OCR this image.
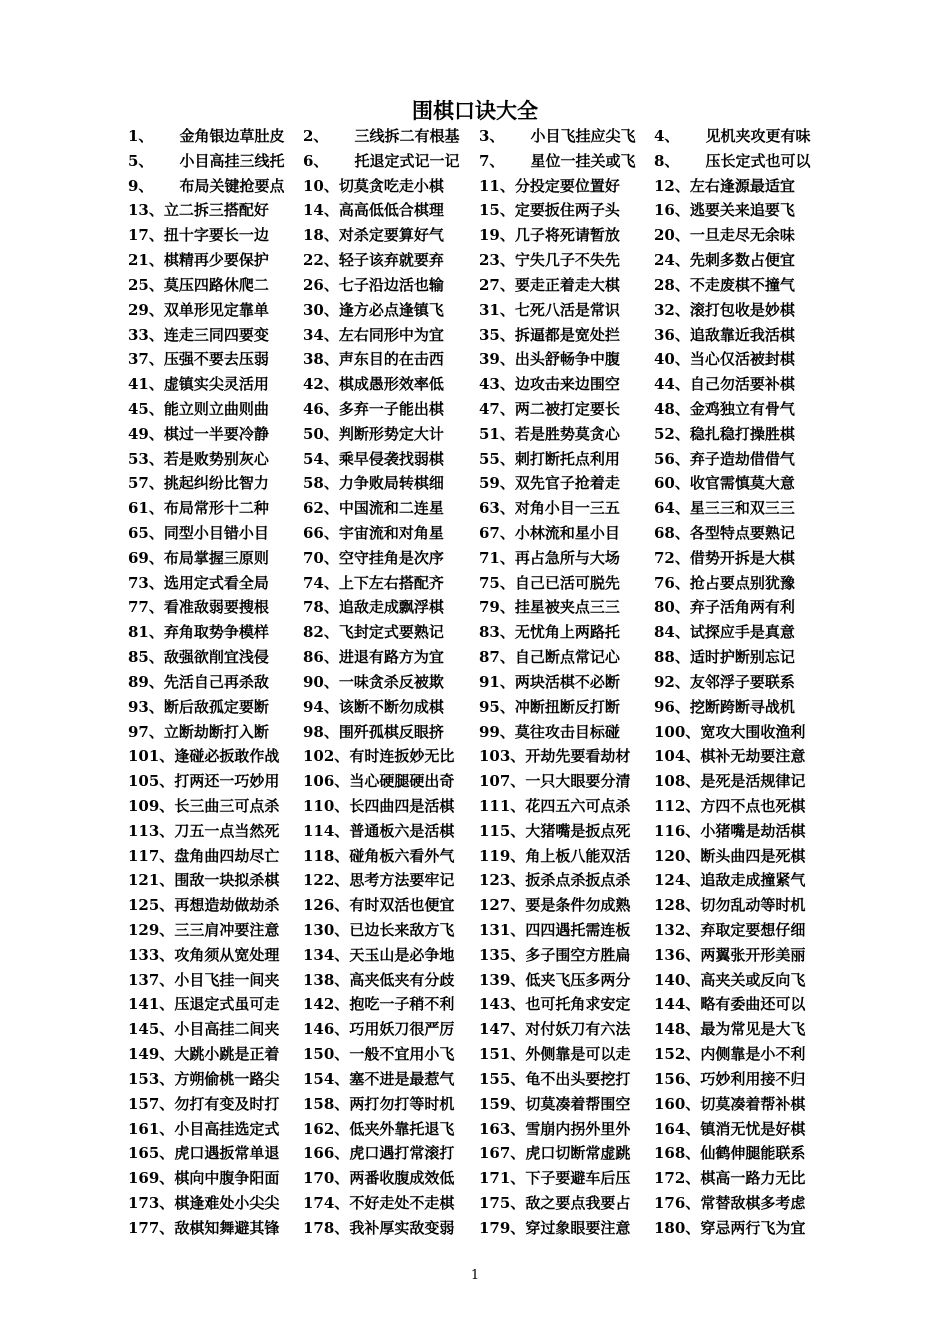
围棋口诀大全
1、 金角银边草肚皮	2、 三线拆二有根基	3、 小目飞挂应尖飞	4、 见机夹攻更有味
5、 小目高挂三线托	6、 托退定式记一记	7、 星位一挂关或飞	8、 压长定式也可以
9、 布局关键抢要点	10、切莫贪吃走小棋	11、分投定要位置好	12、左右逢源最适宜
13、立二拆三搭配好	14、高高低低合棋理	15、定要扳住两子头	16、逃要关来追要飞
17、扭十字要长一边	18、对杀定要算好气	19、几子将死请暂放	20、一旦走尽无余味
21、棋精再少要保护	22、轻子该弃就要弃	23、宁失几子不失先	24、先刺多数占便宜
25、莫压四路休爬二	26、七子沿边活也输	27、要走正着走大棋	28、不走废棋不撞气
29、双单形见定靠单	30、逢方必点逢镇飞	31、七死八活是常识	32、滚打包收是妙棋
33、连走三同四要变	34、左右同形中为宜	35、拆逼都是宽处拦	36、追敌靠近我活棋
37、压强不要去压弱	38、声东目的在击西	39、出头舒畅争中腹	40、当心仅活被封棋
41、虚镇实尖灵活用	42、棋成愚形效率低	43、边攻击来边围空	44、自己勿活要补棋
45、能立则立曲则曲	46、多弃一子能出棋	47、两二被打定要长	48、金鸡独立有骨气
49、棋过一半要冷静	50、判断形势定大计	51、若是胜势莫贪心	52、稳扎稳打操胜棋
53、若是败势别灰心	54、乘早侵袭找弱棋	55、刺打断托点利用	56、弃子造劫借借气
57、挑起纠纷比智力	58、力争败局转棋细	59、双先官子抢着走	60、收官需慎莫大意
61、布局常形十二种	62、中国流和二连星	63、对角小目一三五	64、星三三和双三三
65、同型小目错小目	66、宇宙流和对角星	67、小林流和星小目	68、各型特点要熟记
69、布局掌握三原则	70、空守挂角是次序	71、再占急所与大场	72、借势开拆是大棋
73、选用定式看全局	74、上下左右搭配齐	75、自己已活可脱先	76、抢占要点别犹豫
77、看准敌弱要搜根	78、追敌走成飘浮棋	79、挂星被夹点三三	80、弃子活角两有利
81、弃角取势争模样	82、飞封定式要熟记	83、无忧角上两路托	84、试探应手是真意
85、敌强欲削宜浅侵	86、进退有路方为宜	87、自己断点常记心	88、适时护断别忘记
89、先活自己再杀敌	90、一味贪杀反被欺	91、两块活棋不必断	92、友邻浮子要联系
93、断后敌孤定要断	94、该断不断勿成棋	95、冲断扭断反打断	96、挖断跨断寻战机
97、立断劫断打入断	98、围歼孤棋反眼挤	99、莫往攻击目标碰	100、宽攻大围收渔利
101、逢碰必扳敢作战	102、有时连扳妙无比	103、开劫先要看劫材	104、棋补无劫要注意
105、打两还一巧妙用	106、当心硬腿硬出奇	107、一只大眼要分清	108、是死是活规律记
109、长三曲三可点杀	110、长四曲四是活棋	111、花四五六可点杀	112、方四不点也死棋
113、刀五一点当然死	114、普通板六是活棋	115、大猪嘴是扳点死	116、小猪嘴是劫活棋
117、盘角曲四劫尽亡	118、碰角板六看外气	119、角上板八能双活	120、断头曲四是死棋
121、围敌一块拟杀棋	122、思考方法要牢记	123、扳杀点杀扳点杀	124、追敌走成撞紧气
125、再想造劫做劫杀	126、有时双活也便宜	127、要是条件勿成熟	128、切勿乱动等时机
129、三三肩冲要注意	130、已边长来敌方飞	131、四四遇托需连板	132、弃取定要想仔细
133、攻角须从宽处理	134、天玉山是必争地	135、多子围空方胜扁	136、两翼张开形美丽
137、小目飞挂一间夹	138、高夹低夹有分歧	139、低夹飞压多两分	140、高夹关或反向飞
141、压退定式虽可走	142、抱吃一子稍不利	143、也可托角求安定	144、略有委曲还可以
145、小目高挂二间夹	146、巧用妖刀很严厉	147、对付妖刀有六法	148、最为常见是大飞
149、大跳小跳是正着	150、一般不宜用小飞	151、外侧靠是可以走	152、内侧靠是小不利
153、方朔偷桃一路尖	154、塞不进是最惹气	155、龟不出头要挖打	156、巧妙利用接不归
157、勿打有变及时打	158、两打勿打等时机	159、切莫凑着帮围空	160、切莫凑着帮补棋
161、小目高挂选定式	162、低夹外靠托退飞	163、雪崩内拐外里外	164、镇消无忧是好棋
165、虎口遇扳常单退	166、虎口遇打常滚打	167、虎口切断常虚跳	168、仙鹤伸腿能联系
169、棋向中腹争阳面	170、两番收腹成效低	171、下子要避车后压	172、棋高一路力无比
173、棋逢难处小尖尖	174、不好走处不走棋	175、敌之要点我要占	176、常替敌棋多考虑
177、敌棋知舞避其锋	178、我补厚实敌变弱	179、穿过象眼要注意	180、穿忌两行飞为宜
1
